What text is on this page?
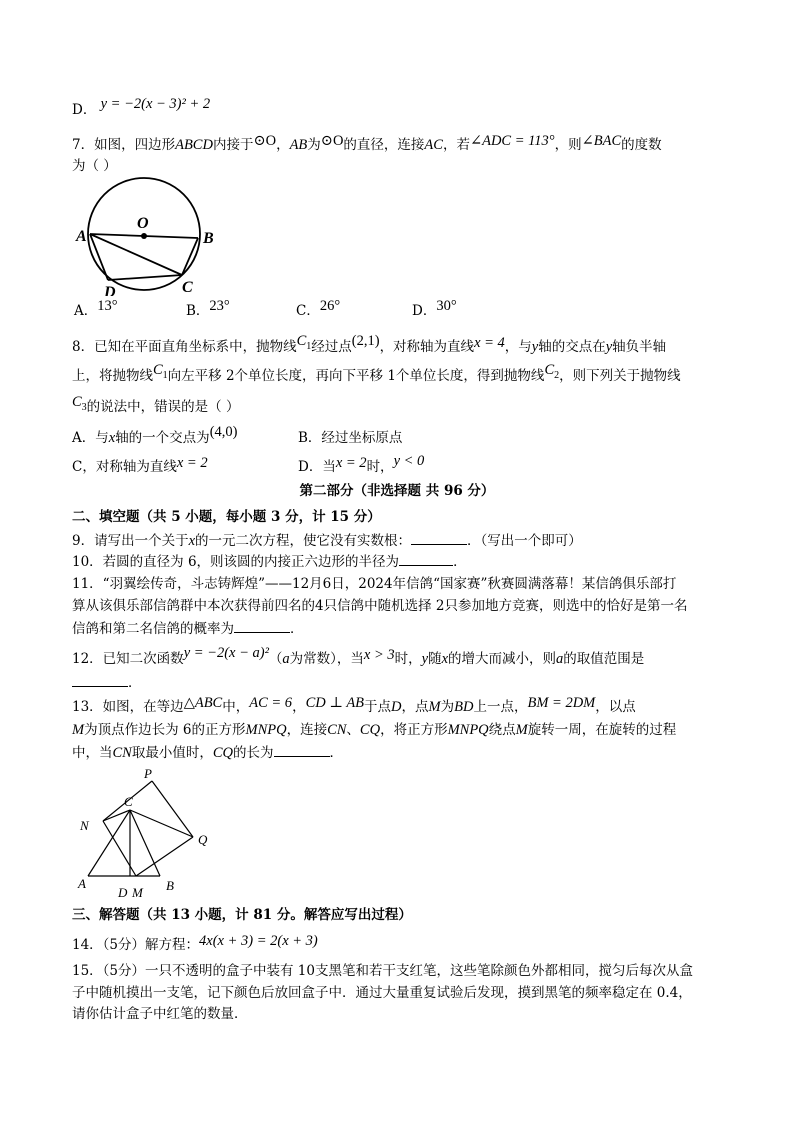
D． y = −2(x − 3)² + 2
7．如图，四边形ABCD内接于⊙O，AB为⊙O的直径，连接AC，若∠ADC = 113°，则∠BAC的度数
为（ ）
O
A	B
C
D
A．13°	B．23°	C．26°	D．30°
8．已知在平面直角坐标系中，抛物线$C_1$经过点(2,1)，对称轴为直线x = 4，与y轴的交点在y轴负半轴
上，将抛物线$C_1$向左平移 2个单位长度，再向下平移 1个单位长度，得到抛物线$C_2$，则下列关于抛物线
$C_3$的说法中，错误的是（ ）
A．与x轴的一个交点为(4,0)	B．经过坐标原点
C，对称轴为直线x = 2	D．当x = 2时，y < 0
第二部分（非选择题 共 96 分）
二、填空题（共 5 小题，每小题 3 分，计 15 分）
9．请写出一个关于x的一元二次方程，使它没有实数根：	．（写出一个即可）
10．若圆的直径为 6，则该圆的内接正六边形的半径为	．
11．“羽翼绘传奇，斗志铸辉煌”——12月6日，2024年信鸽“国家赛”秋赛圆满落幕！某信鸽俱乐部打
算从该俱乐部信鸽群中本次获得前四名的4只信鸽中随机选择 2只参加地方竞赛，则选中的恰好是第一名
信鸽和第二名信鸽的概率为	．
12．已知二次函数y = −2(x − a)²（a为常数），当x > 3时，y随x的增大而减小，则a的取值范围是
．
13．如图，在等边△ABC中，AC = 6，CD ⊥ AB于点D，点M为BD上一点，BM = 2DM，以点
M为顶点作边长为 6的正方形MNPQ，连接CN、CQ，将正方形MNPQ绕点M旋转一周，在旋转的过程
中，当CN取最小值时，CQ的长为	．
P
N
C
Q
A
D M B
三、解答题（共 13 小题，计 81 分。解答应写出过程）
14．（5分）解方程：4x(x + 3) = 2(x + 3)
15．（5分）一只不透明的盒子中装有 10支黑笔和若干支红笔，这些笔除颜色外都相同，搅匀后每次从盒
子中随机摸出一支笔，记下颜色后放回盒子中．通过大量重复试验后发现，摸到黑笔的频率稳定在 0.4，
请你估计盒子中红笔的数量．
